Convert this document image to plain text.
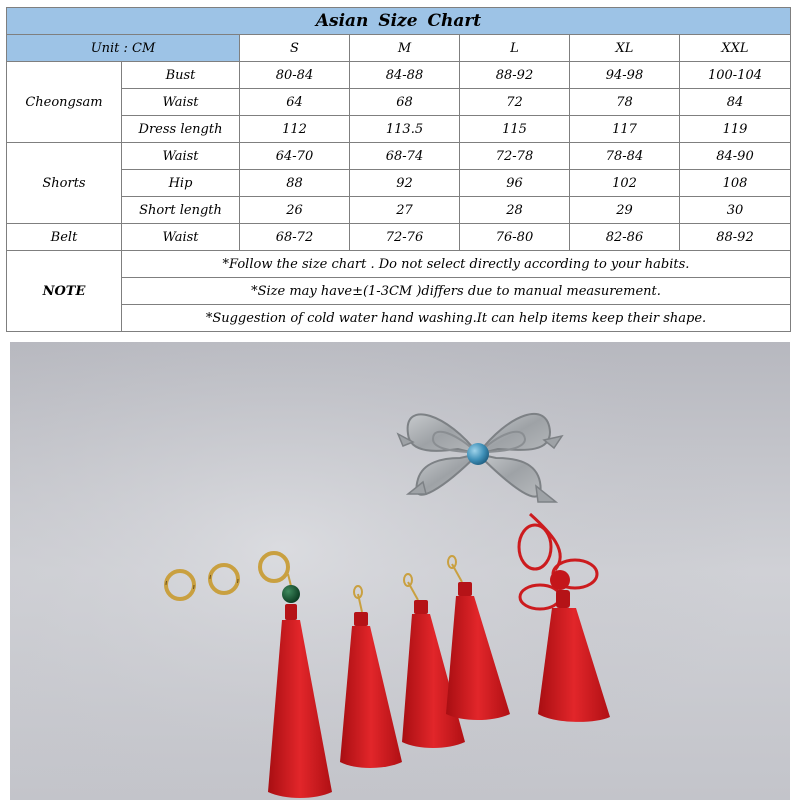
Asian Size Chart						
Unit : CM		S	M	L	XL	XXL
Cheongsam	Bust	80-84	84-88	88-92	94-98	100-104
	Waist	64	68	72	78	84
	Dress length	112	113.5	115	117	119
Shorts	Waist	64-70	68-74	72-78	78-84	84-90
	Hip	88	92	96	102	108
	Short length	26	27	28	29	30
Belt	Waist	68-72	72-76	76-80	82-86	88-92
NOTE	*Follow the size chart . Do not select directly according to your habits.					
	*Size may have±(1-3CM )differs due to manual measurement.					
	*Suggestion of cold water hand washing.It can help items keep their shape.					
